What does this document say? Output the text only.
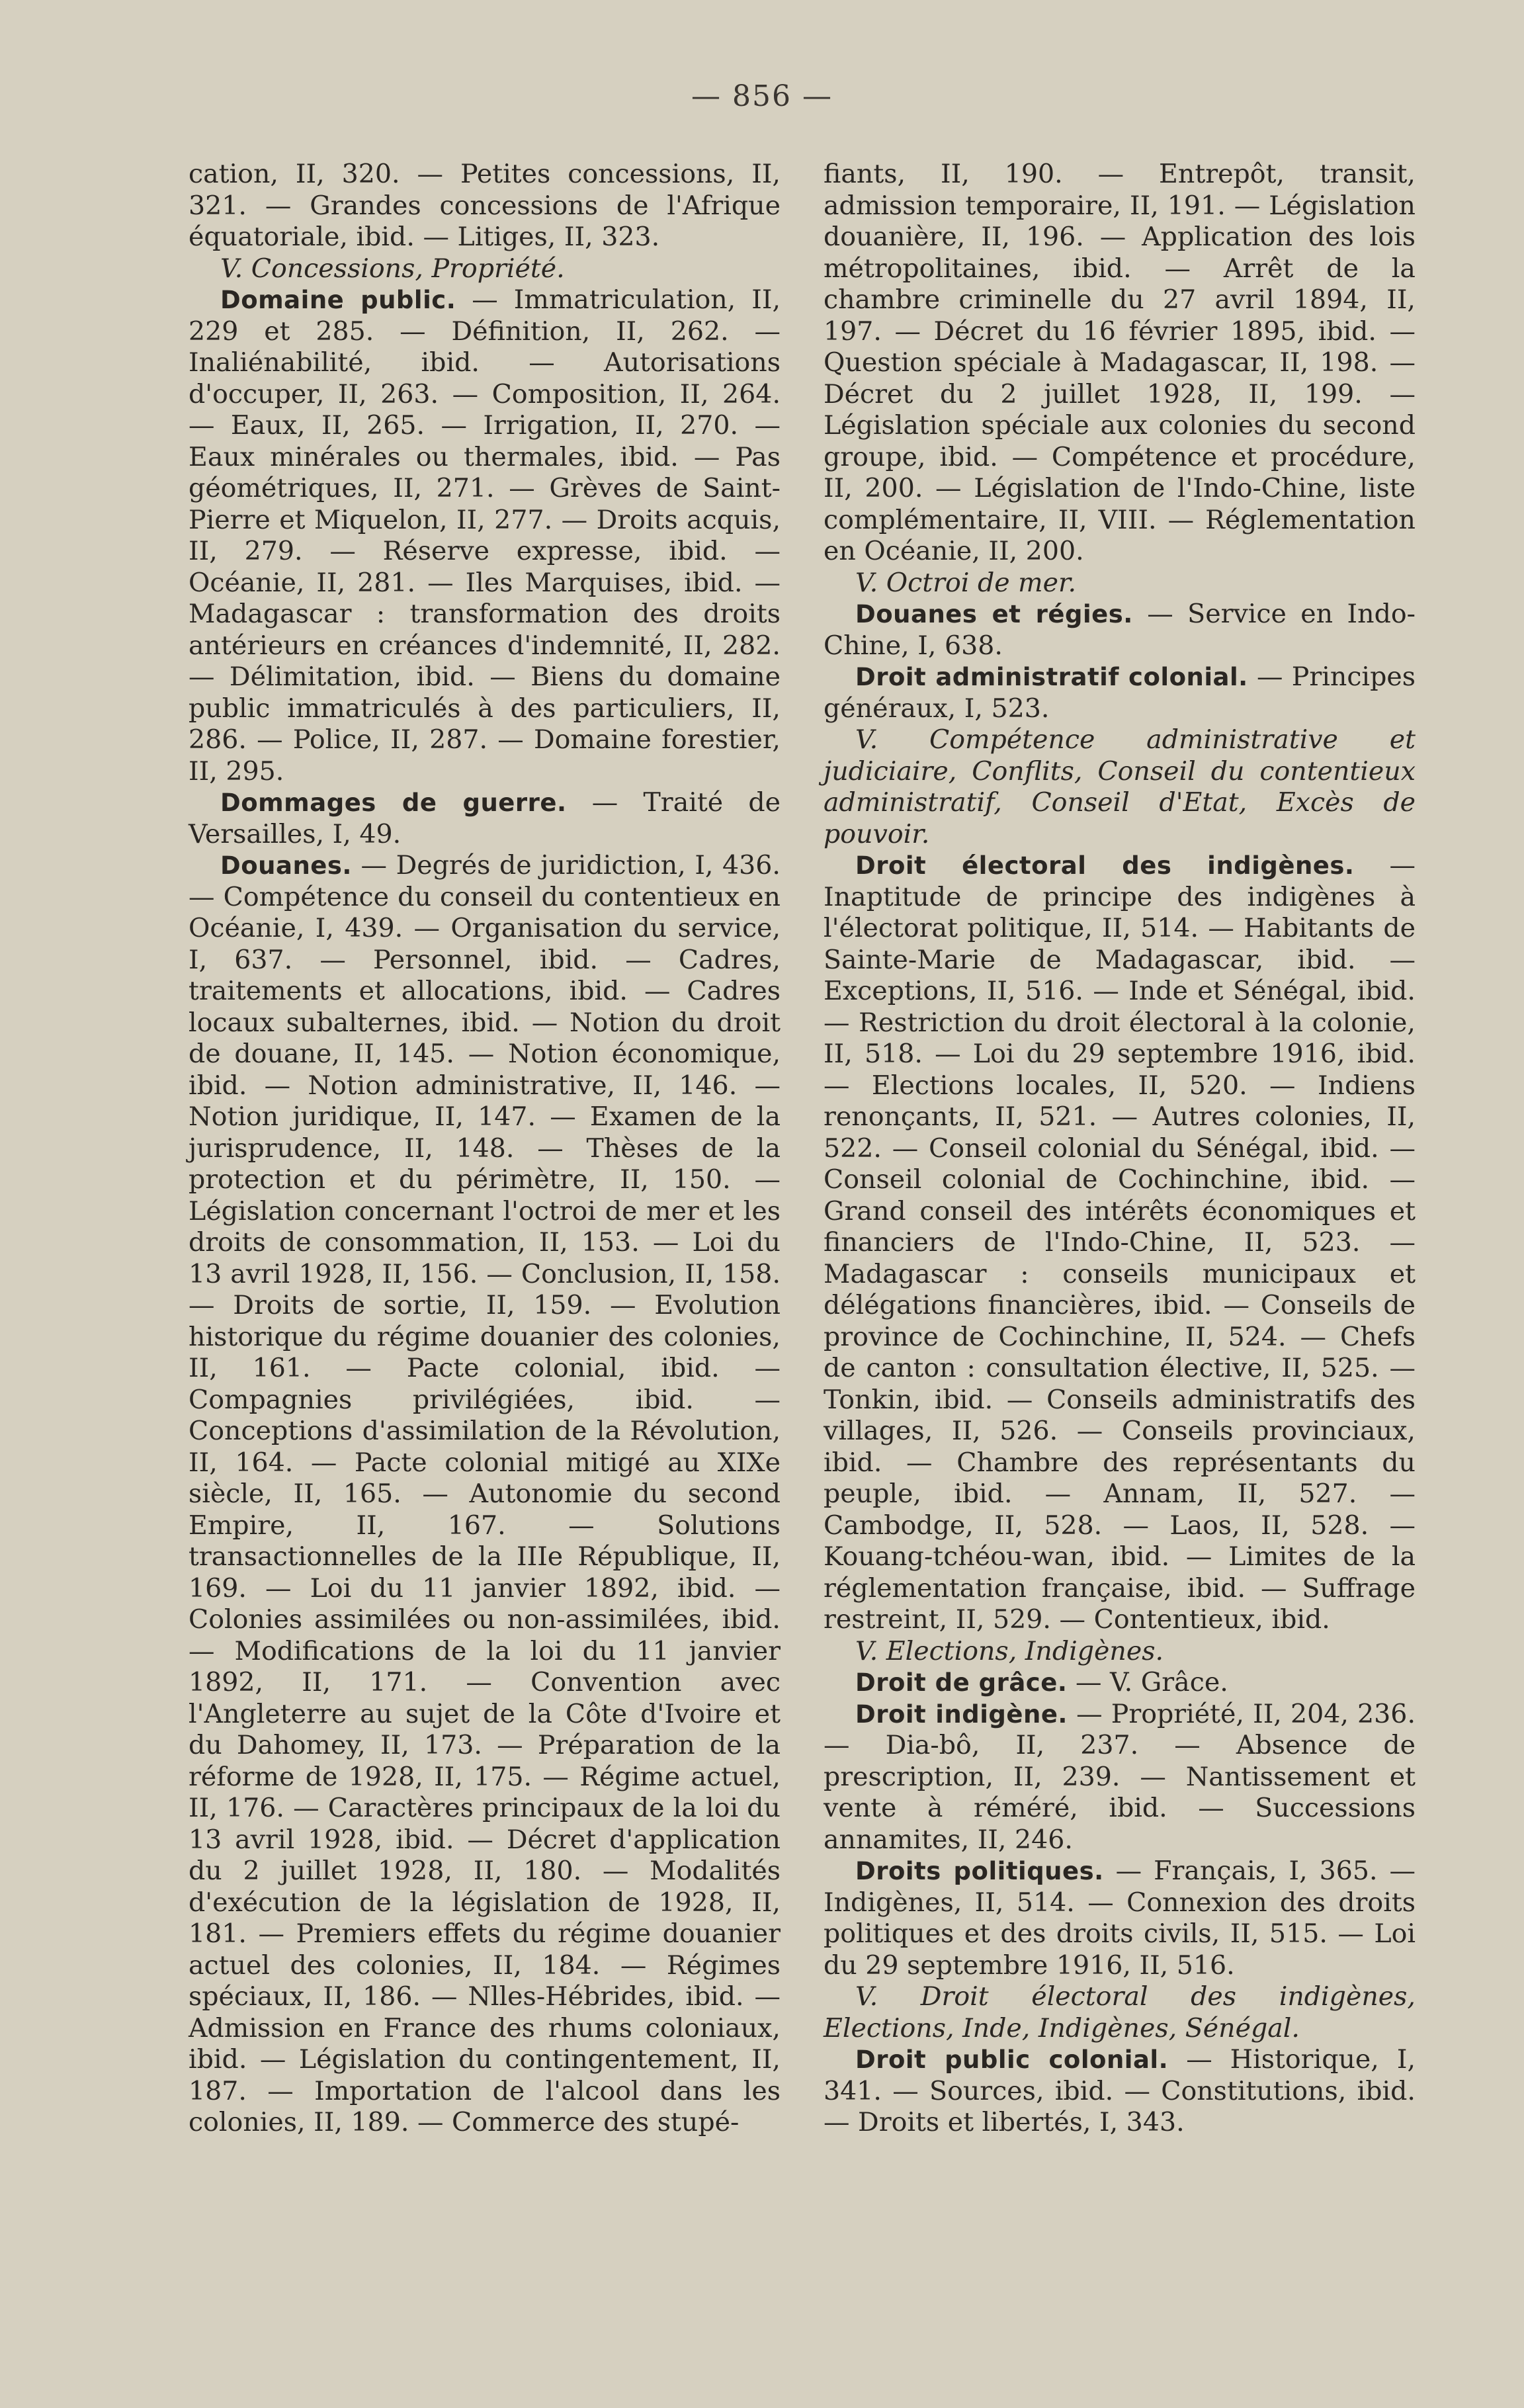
— 856 —

cation, II, 320. — Petites concessions, II, 321. — Grandes concessions de l'Afrique équatoriale, ibid. — Litiges, II, 323.

V. Concessions, Propriété.

Domaine public. — Immatriculation, II, 229 et 285. — Définition, II, 262. — Inaliénabilité, ibid. — Autorisations d'occuper, II, 263. — Composition, II, 264. — Eaux, II, 265. — Irrigation, II, 270. — Eaux minérales ou thermales, ibid. — Pas géométriques, II, 271. — Grèves de Saint-Pierre et Miquelon, II, 277. — Droits acquis, II, 279. — Réserve expresse, ibid. — Océanie, II, 281. — Iles Marquises, ibid. — Madagascar : transformation des droits antérieurs en créances d'indemnité, II, 282. — Délimitation, ibid. — Biens du domaine public immatriculés à des particuliers, II, 286. — Police, II, 287. — Domaine forestier, II, 295.

Dommages de guerre. — Traité de Versailles, I, 49.

Douanes. — Degrés de juridiction, I, 436. — Compétence du conseil du contentieux en Océanie, I, 439. — Organisation du service, I, 637. — Personnel, ibid. — Cadres, traitements et allocations, ibid. — Cadres locaux subalternes, ibid. — Notion du droit de douane, II, 145. — Notion économique, ibid. — Notion administrative, II, 146. — Notion juridique, II, 147. — Examen de la jurisprudence, II, 148. — Thèses de la protection et du périmètre, II, 150. — Législation concernant l'octroi de mer et les droits de consommation, II, 153. — Loi du 13 avril 1928, II, 156. — Conclusion, II, 158. — Droits de sortie, II, 159. — Evolution historique du régime douanier des colonies, II, 161. — Pacte colonial, ibid. — Compagnies privilégiées, ibid. — Conceptions d'assimilation de la Révolution, II, 164. — Pacte colonial mitigé au XIXe siècle, II, 165. — Autonomie du second Empire, II, 167. — Solutions transactionnelles de la IIIe République, II, 169. — Loi du 11 janvier 1892, ibid. — Colonies assimilées ou non-assimilées, ibid. — Modifications de la loi du 11 janvier 1892, II, 171. — Convention avec l'Angleterre au sujet de la Côte d'Ivoire et du Dahomey, II, 173. — Préparation de la réforme de 1928, II, 175. — Régime actuel, II, 176. — Caractères principaux de la loi du 13 avril 1928, ibid. — Décret d'application du 2 juillet 1928, II, 180. — Modalités d'exécution de la législation de 1928, II, 181. — Premiers effets du régime douanier actuel des colonies, II, 184. — Régimes spéciaux, II, 186. — Nlles-Hébrides, ibid. — Admission en France des rhums coloniaux, ibid. — Législation du contingentement, II, 187. — Importation de l'alcool dans les colonies, II, 189. — Commerce des stupé-

fiants, II, 190. — Entrepôt, transit, admission temporaire, II, 191. — Législation douanière, II, 196. — Application des lois métropolitaines, ibid. — Arrêt de la chambre criminelle du 27 avril 1894, II, 197. — Décret du 16 février 1895, ibid. — Question spéciale à Madagascar, II, 198. — Décret du 2 juillet 1928, II, 199. — Législation spéciale aux colonies du second groupe, ibid. — Compétence et procédure, II, 200. — Législation de l'Indo-Chine, liste complémentaire, II, VIII. — Réglementation en Océanie, II, 200.

V. Octroi de mer.

Douanes et régies. — Service en Indo-Chine, I, 638.

Droit administratif colonial. — Principes généraux, I, 523.

V. Compétence administrative et judiciaire, Conflits, Conseil du contentieux administratif, Conseil d'Etat, Excès de pouvoir.

Droit électoral des indigènes. — Inaptitude de principe des indigènes à l'électorat politique, II, 514. — Habitants de Sainte-Marie de Madagascar, ibid. — Exceptions, II, 516. — Inde et Sénégal, ibid. — Restriction du droit électoral à la colonie, II, 518. — Loi du 29 septembre 1916, ibid. — Elections locales, II, 520. — Indiens renonçants, II, 521. — Autres colonies, II, 522. — Conseil colonial du Sénégal, ibid. — Conseil colonial de Cochinchine, ibid. — Grand conseil des intérêts économiques et financiers de l'Indo-Chine, II, 523. — Madagascar : conseils municipaux et délégations financières, ibid. — Conseils de province de Cochinchine, II, 524. — Chefs de canton : consultation élective, II, 525. — Tonkin, ibid. — Conseils administratifs des villages, II, 526. — Conseils provinciaux, ibid. — Chambre des représentants du peuple, ibid. — Annam, II, 527. — Cambodge, II, 528. — Laos, II, 528. — Kouang-tchéou-wan, ibid. — Limites de la réglementation française, ibid. — Suffrage restreint, II, 529. — Contentieux, ibid.

V. Elections, Indigènes.

Droit de grâce. — V. Grâce.

Droit indigène. — Propriété, II, 204, 236. — Dia-bô, II, 237. — Absence de prescription, II, 239. — Nantissement et vente à réméré, ibid. — Successions annamites, II, 246.

Droits politiques. — Français, I, 365. — Indigènes, II, 514. — Connexion des droits politiques et des droits civils, II, 515. — Loi du 29 septembre 1916, II, 516.

V. Droit électoral des indigènes, Elections, Inde, Indigènes, Sénégal.

Droit public colonial. — Historique, I, 341. — Sources, ibid. — Constitutions, ibid. — Droits et libertés, I, 343.
